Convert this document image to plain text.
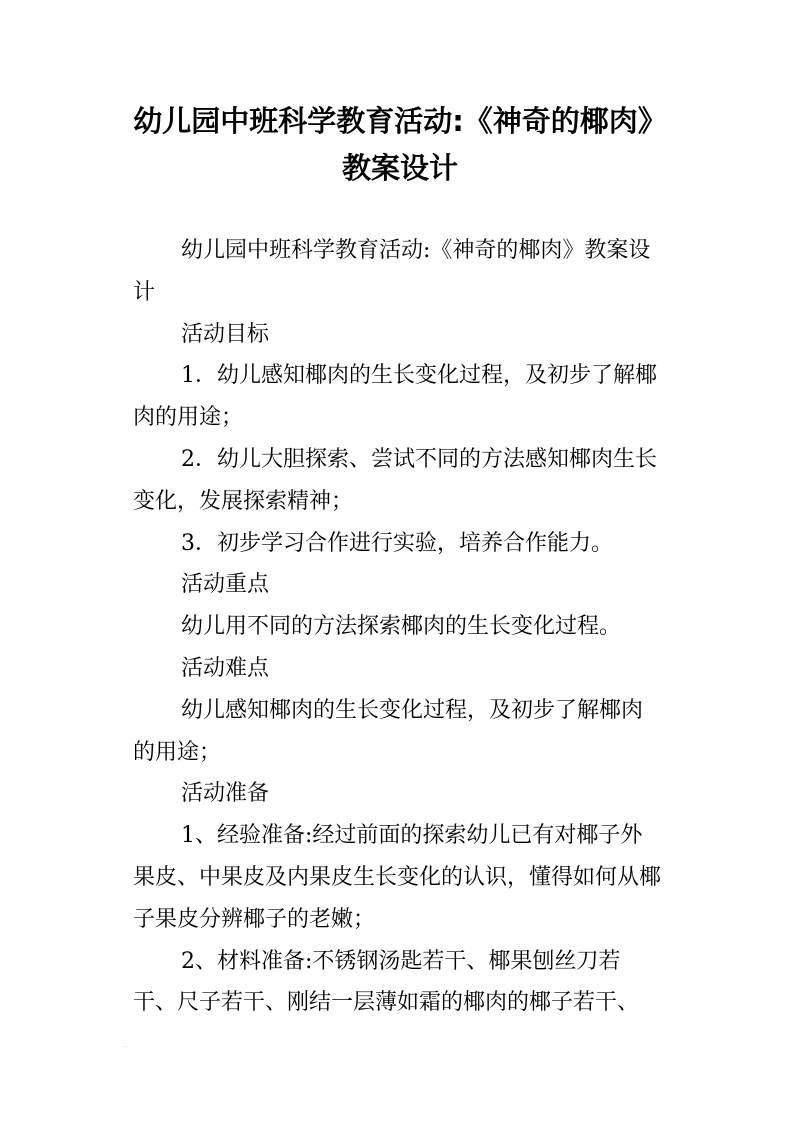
幼儿园中班科学教育活动:《神奇的椰肉》教案设计

幼儿园中班科学教育活动:《神奇的椰肉》教案设计

活动目标

1．幼儿感知椰肉的生长变化过程，及初步了解椰肉的用途；

2．幼儿大胆探索、尝试不同的方法感知椰肉生长变化，发展探索精神；

3．初步学习合作进行实验，培养合作能力。

活动重点

幼儿用不同的方法探索椰肉的生长变化过程。

活动难点

幼儿感知椰肉的生长变化过程，及初步了解椰肉的用途；

活动准备

1、经验准备:经过前面的探索幼儿已有对椰子外果皮、中果皮及内果皮生长变化的认识，懂得如何从椰子果皮分辨椰子的老嫩；

2、材料准备:不锈钢汤匙若干、椰果刨丝刀若干、尺子若干、刚结一层薄如霜的椰肉的椰子若干、

ˏ
